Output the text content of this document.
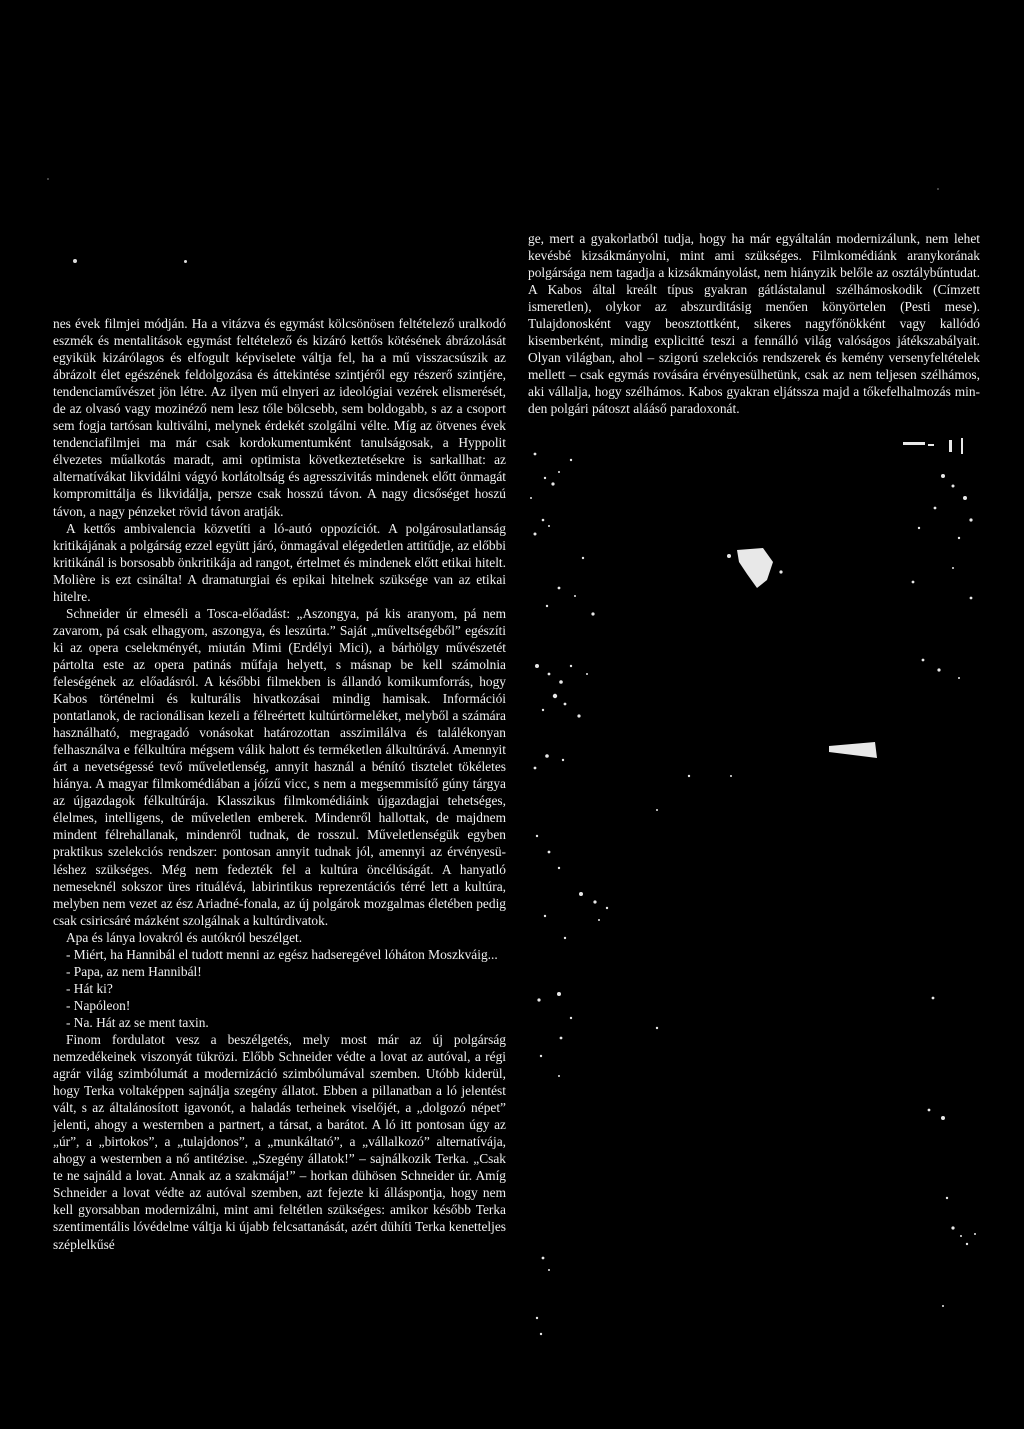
ge, mert a gyakorlatból tudja, hogy ha már egyáltalán modernizálunk, nem lehet kevésbé kizsákmányolni, mint ami szükséges. Filmkomédiánk aranykorának polgársága nem tagadja a kizsákmányolást, nem hiányzik belőle az osztálybűntudat. A Kabos által kreált típus gyakran gátlástalanul szélhámoskodik (Címzett ismeretlen), olykor az abszurditásig menően könyörtelen (Pesti mese). Tulajdonosként vagy beosztottként, sikeres nagyfőnökként vagy kallódó kisemberként, mindig explicitté teszi a fennálló világ valóságos játékszabályait. Olyan világban, ahol – szigorú szelekciós rendszerek és kemény versenyfeltételek mellett – csak egymás rovására érvényesülhetünk, csak az nem teljesen szélhámos, aki vállalja, hogy szélhámos. Kabos gyakran eljátssza majd a tőkefelhalmozás minden polgári pátoszt alááső paradoxonát.

nes évek filmjei módján. Ha a vitázva és egymást kölcsönösen feltételező uralkodó eszmék és mentalitások egymást feltételező és kizáró kettős kötésének ábrázolását egyikük kizárólagos és elfogult képviselete váltja fel, ha a mű visszacsúszik az ábrázolt élet egészének feldolgozása és áttekintése szintjéről egy részerő szintjére, tendenciaművészet jön létre. Az ilyen mű elnyeri az ideológiai vezérek elismerését, de az olvasó vagy mozinéző nem lesz tőle bölcsebb, sem boldogabb, s az a csoport sem fogja tartósan kultiválni, melynek érdekét szolgálni vélte. Míg az ötvenes évek tendenciafilmjei ma már csak kordokumentumként tanulságosak, a Hyppolit élvezetes műalkotás maradt, ami optimista következtetésekre is sarkallhat: az alternatívákat likvidálni vágyó korlátoltság és agresszivitás mindenek előtt önmagát kompromittálja és likvidálja, persze csak hosszú távon. A nagy dicsőséget hoszú távon, a nagy pénzeket rövid távon aratják.

A kettős ambivalencia közvetíti a ló-autó oppozíciót. A polgárosulatlanság kritikájának a polgárság ezzel együtt járó, önmagával elégedetlen attitűdje, az előbbi kritikánál is borsosabb önkritikája ad rangot, értelmet és mindenek előtt etikai hitelt. Molière is ezt csinálta! A dramaturgiai és epikai hitelnek szüksége van az etikai hitelre.

Schneider úr elmeséli a Tosca-előadást: „Aszongya, pá kis aranyom, pá nem zavarom, pá csak elhagyom, aszongya, és leszúrta.” Saját „műveltségéből” egészíti ki az opera cselekményét, miután Mimi (Erdélyi Mici), a bárhölgy művészetét pártolta este az opera patinás műfaja helyett, s másnap be kell számolnia feleségének az előadásról. A későbbi filmekben is állandó komikumforrás, hogy Kabos történelmi és kulturális hivatkozásai mindig hamisak. Információi pontatlanok, de racionálisan kezeli a félreértett kultúrtörmeléket, melyből a számára használható, megragadó vonásokat határozottan asszimilálva és találékonyan felhasználva e félkultúra mégsem válik halott és terméketlen álkultúrává. Amennyit árt a nevetségessé tevő műveletlenség, annyit használ a bénító tisztelet tökéletes hiánya. A magyar filmkomédiában a jóízű vicc, s nem a megsemmisítő gúny tárgya az újgazdagok félkultúrája. Klasszikus filmkomédiáink újgazdagjai tehetséges, élelmes, intelligens, de műveletlen emberek. Mindenről hallottak, de majdnem mindent félrehallanak, mindenről tudnak, de rosszul. Műveletlenségük egyben praktikus szelekciós rendszer: pontosan annyit tudnak jól, amennyi az érvényesüléshez szükséges. Még nem fedezték fel a kultúra öncélúságát. A hanyatló nemeseknél sokszor üres rituálévá, labirintikus reprezentációs térré lett a kultúra, melyben nem vezet az ész Ariadné-fonala, az új polgárok mozgalmas életében pedig csak csiricsáré mázként szolgálnak a kultúrdivatok.

Apa és lánya lovakról és autókról beszélget.

- Miért, ha Hannibál el tudott menni az egész hadseregével lóháton Moszkváig...

- Papa, az nem Hannibál!

- Hát ki?

- Napóleon!

- Na. Hát az se ment taxin.

Finom fordulatot vesz a beszélgetés, mely most már az új polgárság nemzedékeinek viszonyát tükrözi. Előbb Schneider védte a lovat az autóval, a régi agrár világ szimbólumát a modernizáció szimbólumával szemben. Utóbb kiderül, hogy Terka voltaképpen sajnálja szegény állatot. Ebben a pillanatban a ló jelentést vált, s az általánosított igavonót, a haladás terheinek viselőjét, a „dolgozó népet” jelenti, ahogy a westernben a partnert, a társat, a barátot. A ló itt pontosan úgy az „úr”, a „birtokos”, a „tulajdonos”, a „munkáltató”, a „vállalkozó” alternatívája, ahogy a westernben a nő antitézise. „Szegény állatok!” – sajnálkozik Terka. „Csak te ne sajnáld a lovat. Annak az a szakmája!” – horkan dühösen Schneider úr. Amíg Schneider a lovat védte az autóval szemben, azt fejezte ki álláspontja, hogy nem kell gyorsabban modernizálni, mint ami feltétlen szükséges: amikor később Terka szentimentális lóvédelme váltja ki újabb felcsattanását, azért dühíti Terka kenetteljes széplelkűsé
